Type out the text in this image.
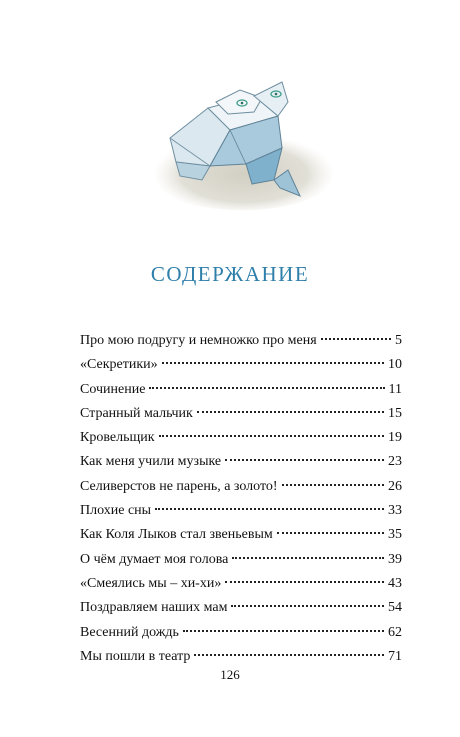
СОДЕРЖАНИЕ
Про мою подругу и немножко про меня	5
«Секретики»	10
Сочинение	11
Странный мальчик	15
Кровельщик	19
Как меня учили музыке	23
Селиверстов не парень, а золото!	26
Плохие сны	33
Как Коля Лыков стал звеньевым	35
О чём думает моя голова	39
«Смеялись мы – хи-хи»	43
Поздравляем наших мам	54
Весенний дождь	62
Мы пошли в театр	71
126
